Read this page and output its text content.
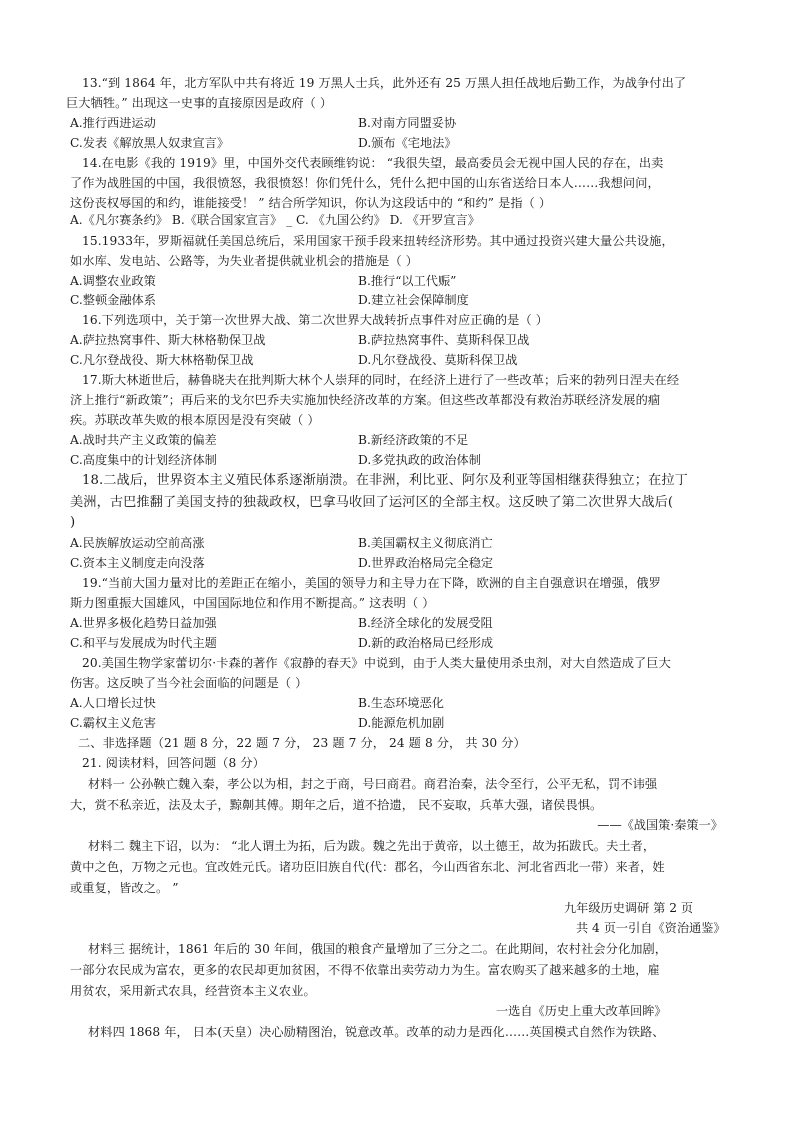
13.“到 1864 年，北方军队中共有将近 19 万黑人士兵，此外还有 25 万黑人担任战地后勤工作，为战争付出了
巨大牺牲。” 出现这一史事的直接原因是政府（ ）
A.推行西进运动	B.对南方同盟妥协
C.发表《解放黑人奴隶宣言》	D.颁布《宅地法》
14.在电影《我的 1919》里，中国外交代表顾维钧说： “我很失望，最高委员会无视中国人民的存在，出卖
了作为战胜国的中国，我很愤怒，我很愤怒！你们凭什么，凭什么把中国的山东省送给日本人……我想问问，
这份丧权辱国的和约，谁能接受！ ” 结合所学知识，你认为这段话中的 “和约” 是指（ ）
A.《凡尔赛条约》 B.《联合国家宣言》 _ C. 《九国公约》 D. 《开罗宣言》
15.1933年，罗斯福就任美国总统后，采用国家干预手段来扭转经济形势。其中通过投资兴建大量公共设施，
如水库、发电站、公路等，为失业者提供就业机会的措施是（ ）
A.调整农业政策	B.推行“以工代赈”
C.整顿金融体系	D.建立社会保障制度
16.下列选项中，关于第一次世界大战、第二次世界大战转折点事件对应正确的是（ ）
A.萨拉热窝事件、斯大林格勒保卫战	B.萨拉热窝事件、莫斯科保卫战
C.凡尔登战役、斯大林格勒保卫战	D.凡尔登战役、莫斯科保卫战
17.斯大林逝世后，赫鲁晓夫在批判斯大林个人崇拜的同时，在经济上进行了一些改革；后来的勃列日涅夫在经
济上推行“新政策”；再后来的戈尔巴乔夫实施加快经济改革的方案。但这些改革都没有救治苏联经济发展的痼
疾。苏联改革失败的根本原因是没有突破（ ）
A.战时共产主义政策的偏差	B.新经济政策的不足
C.高度集中的计划经济体制	D.多党执政的政治体制
18.二战后，世界资本主义殖民体系逐渐崩溃。在非洲，利比亚、阿尔及利亚等国相继获得独立；在拉丁
美洲，古巴推翻了美国支持的独裁政权，巴拿马收回了运河区的全部主权。这反映了第二次世界大战后(
)
A.民族解放运动空前高涨	B.美国霸权主义彻底消亡
C.资本主义制度走向没落	D.世界政治格局完全稳定
19.“当前大国力量对比的差距正在缩小，美国的领导力和主导力在下降，欧洲的自主自强意识在增强，俄罗
斯力图重振大国雄风，中国国际地位和作用不断提高。” 这表明（ ）
A.世界多极化趋势日益加强	B.经济全球化的发展受阻
C.和平与发展成为时代主题	D.新的政治格局已经形成
20.美国生物学家蕾切尔·卡森的著作《寂静的春天》中说到，由于人类大量使用杀虫剂，对大自然造成了巨大
伤害。这反映了当今社会面临的问题是（ ）
A.人口增长过快	B.生态环境恶化
C.霸权主义危害	D.能源危机加剧
二、非选择题（21 题 8 分，22 题 7 分， 23 题 7 分， 24 题 8 分， 共 30 分）
21. 阅读材料，回答问题（8 分）
材料一 公孙鞅亡魏入秦，孝公以为相，封之于商，号曰商君。商君治秦，法令至行，公平无私，罚不讳强
大，赏不私亲近，法及太子，黥劓其傅。期年之后，道不拾遗， 民不妄取，兵革大强，诸侯畏惧。
——《战国策·秦策一》
材料二 魏主下诏，以为： “北人谓土为拓，后为跋。魏之先出于黄帝，以土德王，故为拓跋氏。夫土者，
黄中之色，万物之元也。宜改姓元氏。诸功臣旧族自代(代：郡名，今山西省东北、河北省西北一带）来者，姓
或重复，皆改之。 ”
九年级历史调研 第 2 页
共 4 页一引自《资治通鉴》
材料三 据统计，1861 年后的 30 年间，俄国的粮食产量增加了三分之二。在此期间，农村社会分化加剧，
一部分农民成为富农，更多的农民却更加贫困，不得不依靠出卖劳动力为生。富农购买了越来越多的土地，雇
用贫农，采用新式农具，经营资本主义农业。
一选自《历史上重大改革回眸》
材料四 1868 年， 日本(天皇）决心励精图治，锐意改革。改革的动力是西化……英国模式自然作为铁路、
